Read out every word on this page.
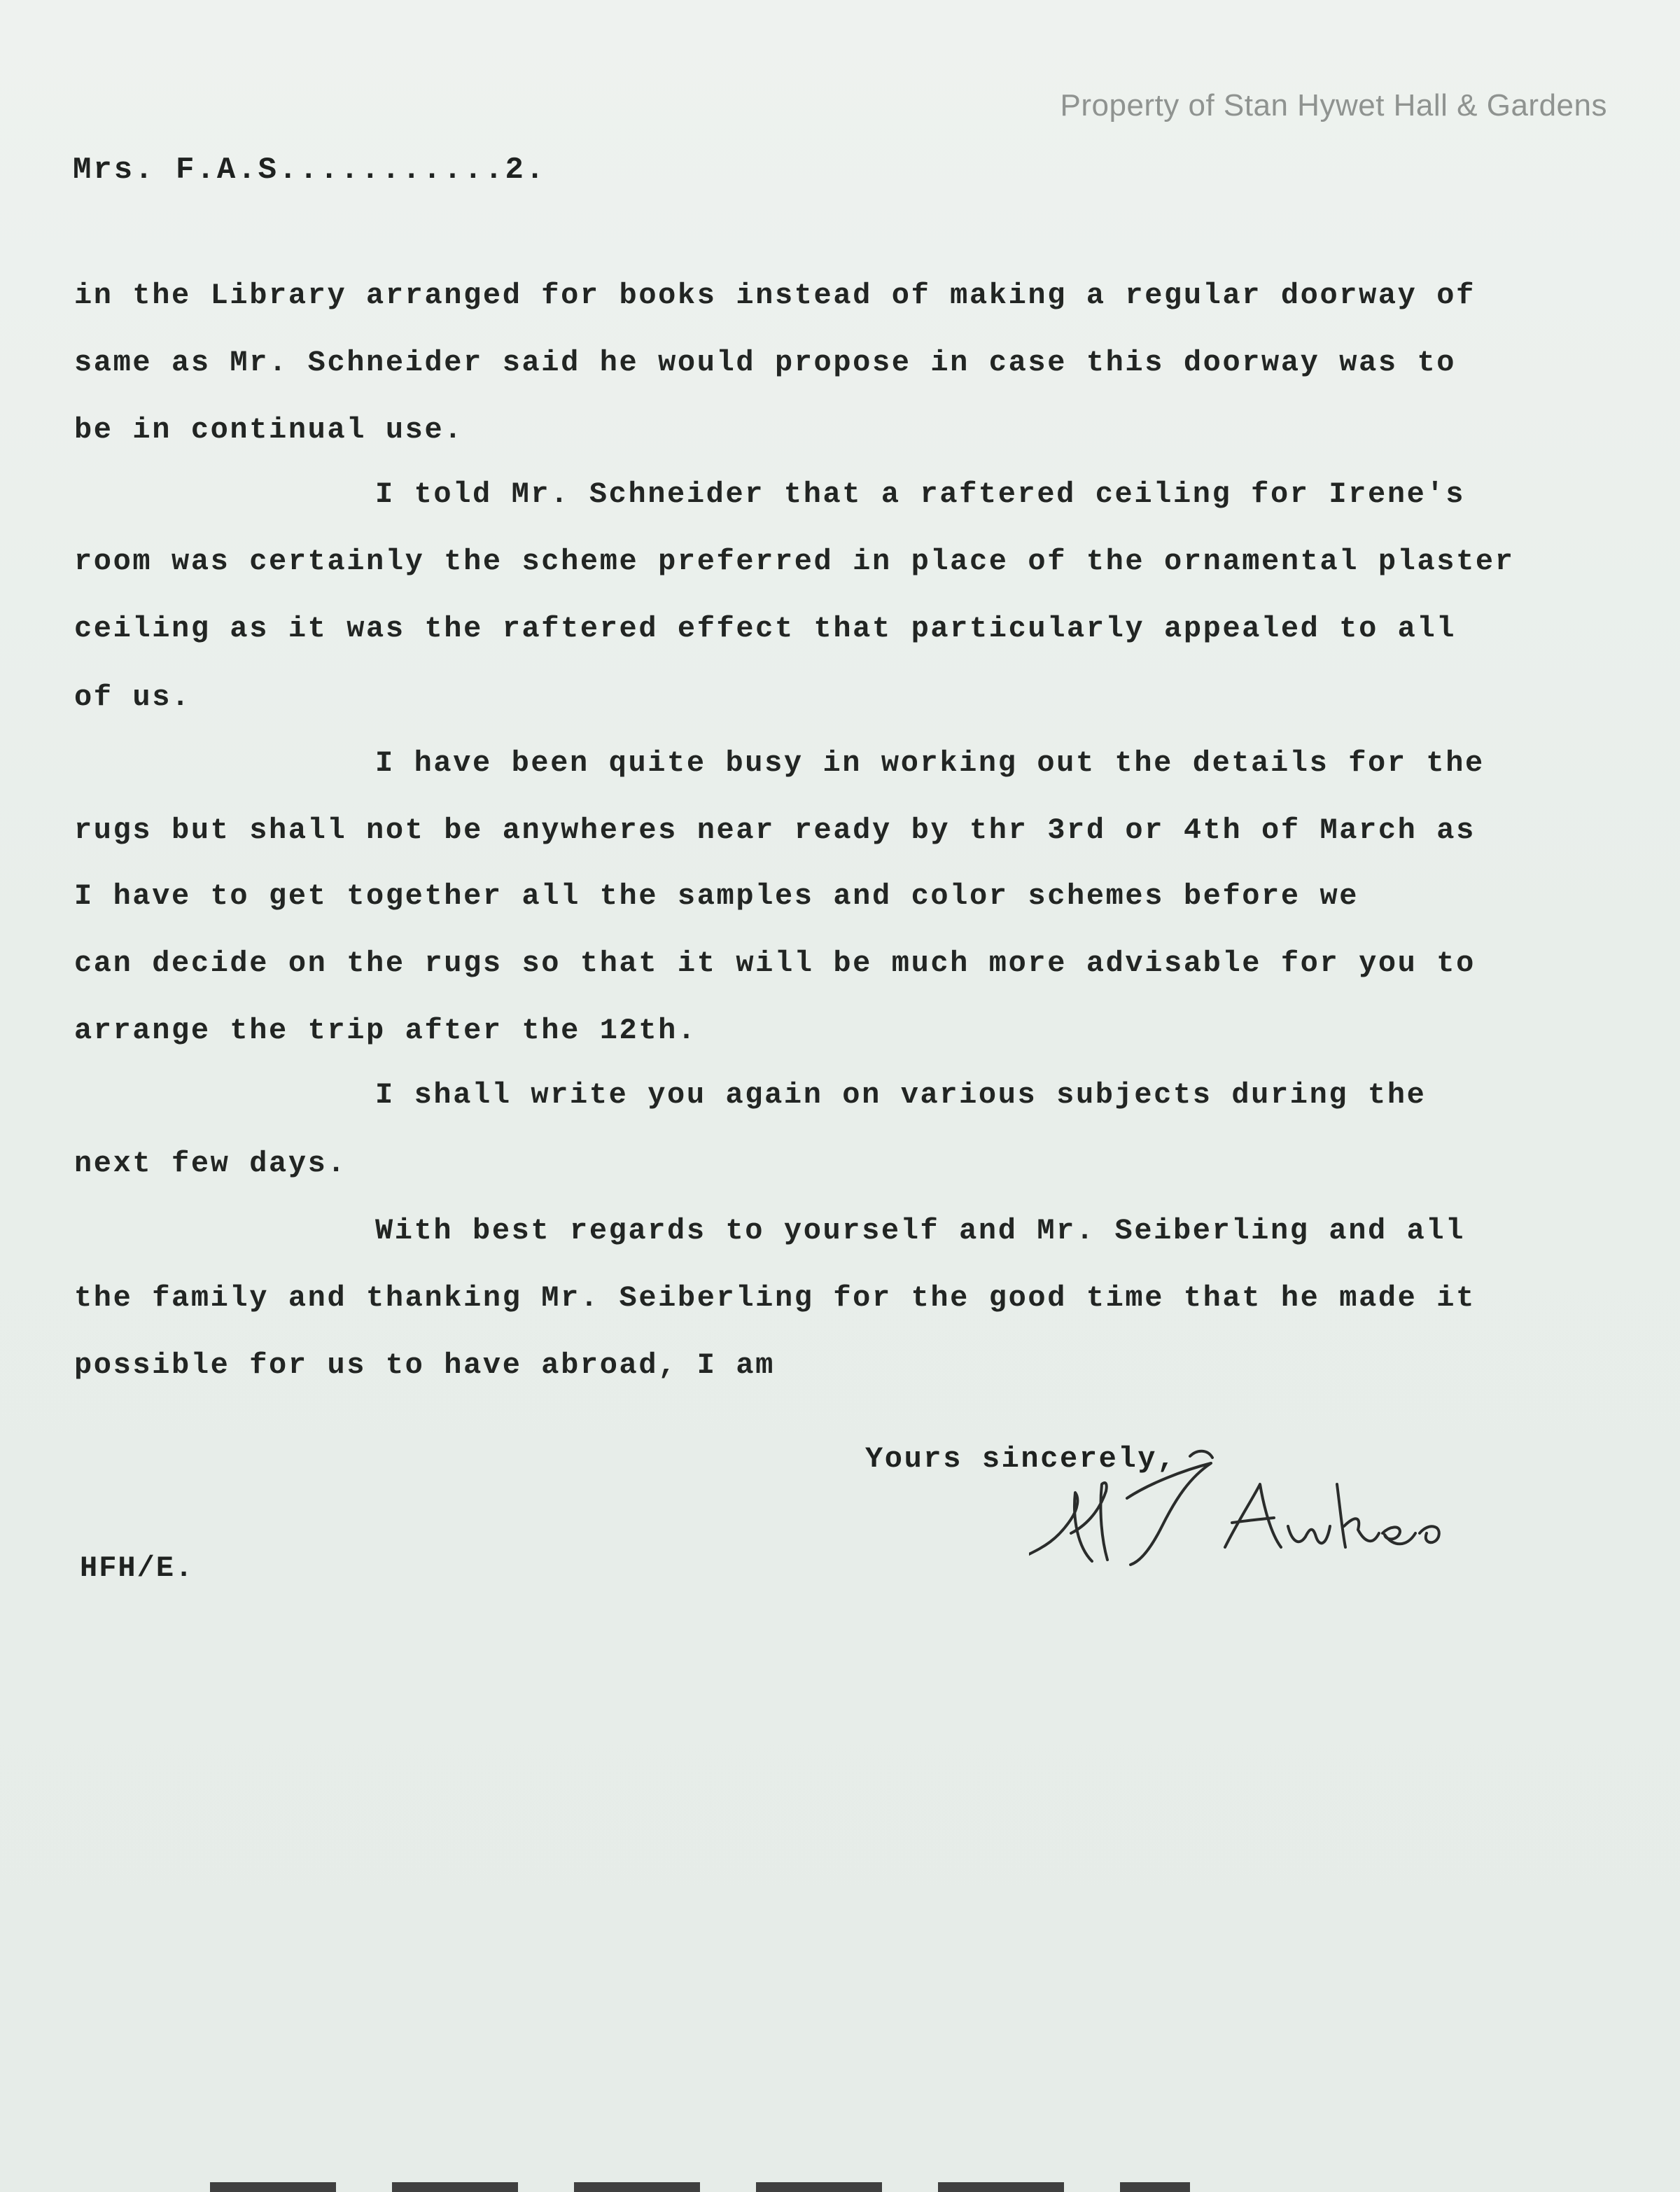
Property of Stan Hywet Hall & Gardens
Mrs. F.A.S...........2.
in the Library arranged for books instead of making a regular doorway of
same as Mr. Schneider said he would propose in case this doorway was to
be in continual use.
I told Mr. Schneider that a raftered ceiling for Irene's
room was certainly the scheme preferred in place of the ornamental plaster
ceiling as it was the raftered effect that particularly appealed to all
of us.
I have been quite busy in working out the details for the
rugs but shall not be anywheres near ready by thr 3rd or 4th of March as
I have to get together all the samples and color schemes before we
can decide on the rugs so that it will be much more advisable for you to
arrange the trip after the 12th.
I shall write you again on various subjects during the
next few days.
With best regards to yourself and Mr. Seiberling and all
the family and thanking Mr. Seiberling for the good time that he made it
possible for us to have abroad, I am
Yours sincerely,
HFH/E.
